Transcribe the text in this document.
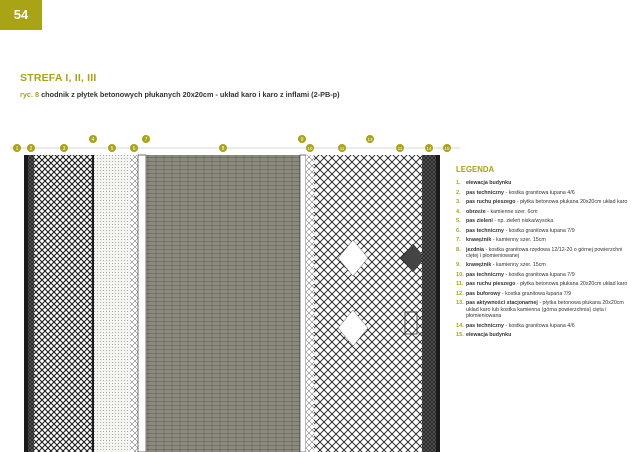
54
STREFA I, II, III
ryc. 8 chodnik z płytek betonowych płukanych 20x20cm - układ karo i karo z inflami (2-PB-p)
1 2	3	5	6	8	10	11	11	14	15
4	7	9	13
LEGENDA
1.	elewacja budynku
2.	pas techniczny - kostka granitowa łupana 4/6
3.	pas ruchu pieszego - płytka betonowa płukana 20x20cm układ karo
4.	obrzeże - kamienne szer. 6cm
5.	pas zieleni - np. zieleń niska/wysoka
6.	pas techniczny - kostka granitowa łupana 7/9
7.	krawężnik - kamienny szer. 15cm
8.	jezdnia - kostka granitowa rzędowa 12/12-20 o górnej powierzchni ciętej i płomieniowanej
9.	krawężnik - kamienny szer. 15cm
10. pas techniczny - kostka granitowa łupana 7/9
11. pas ruchu pieszego - płytka betonowa płukana 20x20cm układ karo
12. pas buforowy - kostka granitowa łupana 7/9
13. pas aktywności stacjonarnej - płytka betonowa płukana 20x20cm układ karo lub kostka kamienna (górna powierzchnia) cięta i płomieniowana
14. pas techniczny - kostka granitowa łupana 4/6
15. elewacja budynku
